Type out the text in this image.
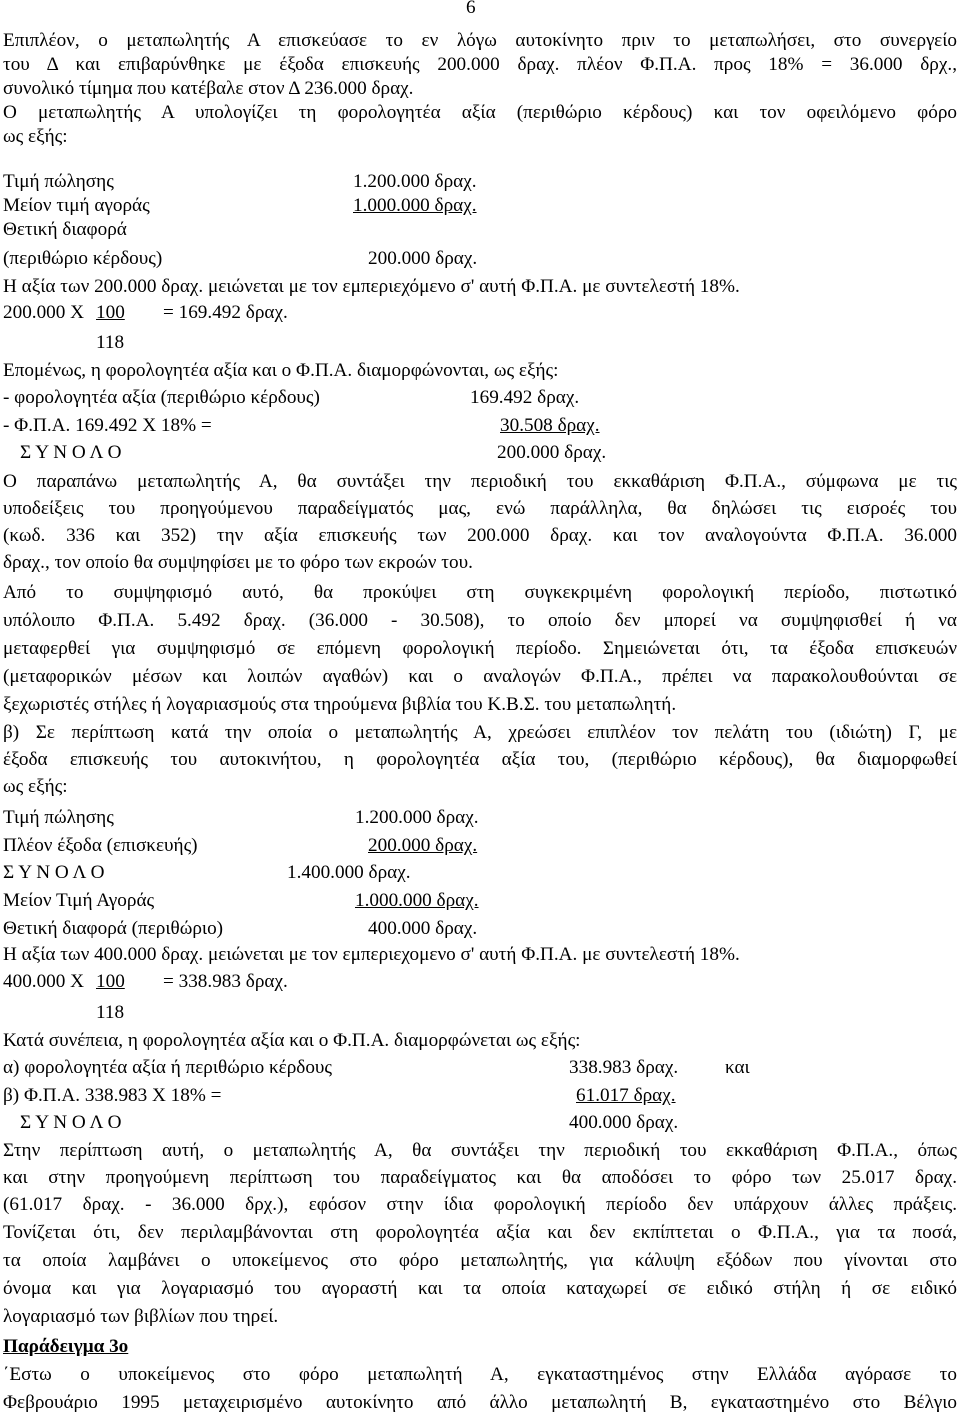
6

Επιπλέον, ο μεταπωλητής Α επισκεύασε το εν λόγω αυτοκίνητο πριν το μεταπωλήσει, στο συνεργείο

του Δ και επιβαρύνθηκε με έξοδα επισκευής 200.000 δραχ. πλέον Φ.Π.Α. προς 18% = 36.000 δρχ.,

συνολικό τίμημα που κατέβαλε στον Δ 236.000 δραχ.

Ο μεταπωλητής Α υπολογίζει τη φορολογητέα αξία (περιθώριο κέρδους) και τον οφειλόμενο φόρο

ως εξής:

Τιμή πώλησης	1.200.000 δραχ.
Μείον τιμή αγοράς	1.000.000 δραχ.
Θετική διαφορά
(περιθώριο κέρδους)	200.000 δραχ.

Η αξία των 200.000 δραχ. μειώνεται με τον εμπεριεχόμενο σ' αυτή Φ.Π.Α. με συντελεστή 18%.

200.000 Χ 100 = 169.492 δραχ.
118

Επομένως, η φορολογητέα αξία και ο Φ.Π.Α. διαμορφώνονται, ως εξής:

- φορολογητέα αξία (περιθώριο κέρδους)	169.492 δραχ.
- Φ.Π.Α. 169.492 Χ 18% =	30.508 δραχ.
Σ Υ Ν Ο Λ Ο	200.000 δραχ.

Ο παραπάνω μεταπωλητής Α, θα συντάξει την περιοδική του εκκαθάριση Φ.Π.Α., σύμφωνα με τις

υποδείξεις του προηγούμενου παραδείγματός μας, ενώ παράλληλα, θα δηλώσει τις εισροές του

(κωδ. 336 και 352) την αξία επισκευής των 200.000 δραχ. και τον αναλογούντα Φ.Π.Α. 36.000

δραχ., τον οποίο θα συμψηφίσει με το φόρο των εκροών του.

Από το συμψηφισμό αυτό, θα προκύψει στη συγκεκριμένη φορολογική περίοδο, πιστωτικό

υπόλοιπο Φ.Π.Α. 5.492 δραχ. (36.000 - 30.508), το οποίο δεν μπορεί να συμψηφισθεί ή να

μεταφερθεί για συμψηφισμό σε επόμενη φορολογική περίοδο. Σημειώνεται ότι, τα έξοδα επισκευών

(μεταφορικών μέσων και λοιπών αγαθών) και ο αναλογών Φ.Π.Α., πρέπει να παρακολουθούνται σε

ξεχωριστές στήλες ή λογαριασμούς στα τηρούμενα βιβλία του Κ.Β.Σ. του μεταπωλητή.

β) Σε περίπτωση κατά την οποία ο μεταπωλητής Α, χρεώσει επιπλέον τον πελάτη του (ιδιώτη) Γ, με

έξοδα επισκευής του αυτοκινήτου, η φορολογητέα αξία του, (περιθώριο κέρδους), θα διαμορφωθεί

ως εξής:

Τιμή πώλησης	1.200.000 δραχ.
Πλέον έξοδα (επισκευής)	200.000 δραχ.
Σ Υ Ν Ο Λ Ο	1.400.000 δραχ.
Μείον Τιμή Αγοράς	1.000.000 δραχ.
Θετική διαφορά (περιθώριο)	400.000 δραχ.

Η αξία των 400.000 δραχ. μειώνεται με τον εμπεριεχομενο σ' αυτή Φ.Π.Α. με συντελεστή 18%.

400.000 Χ 100 = 338.983 δραχ.
118

Κατά συνέπεια, η φορολογητέα αξία και ο Φ.Π.Α. διαμορφώνεται ως εξής:

α) φορολογητέα αξία ή περιθώριο κέρδους	338.983 δραχ. και
β) Φ.Π.Α. 338.983 Χ 18% =	61.017 δραχ.
Σ Υ Ν Ο Λ Ο	400.000 δραχ.

Στην περίπτωση αυτή, ο μεταπωλητής Α, θα συντάξει την περιοδική του εκκαθάριση Φ.Π.Α., όπως

και στην προηγούμενη περίπτωση του παραδείγματος και θα αποδόσει το φόρο των 25.017 δραχ.

(61.017 δραχ. - 36.000 δρχ.), εφόσον στην ίδια φορολογική περίοδο δεν υπάρχουν άλλες πράξεις.

Τονίζεται ότι, δεν περιλαμβάνονται στη φορολογητέα αξία και δεν εκπίπτεται ο Φ.Π.Α., για τα ποσά,

τα οποία λαμβάνει ο υποκείμενος στο φόρο μεταπωλητής, για κάλυψη εξόδων που γίνονται στο

όνομα και για λογαριασμό του αγοραστή και τα οποία καταχωρεί σε ειδικό στήλη ή σε ειδικό

λογαριασμό των βιβλίων που τηρεί.

Παράδειγμα 3ο

΄Εστω ο υποκείμενος στο φόρο μεταπωλητή Α, εγκαταστημένος στην Ελλάδα αγόρασε το

Φεβρουάριο 1995 μεταχειρισμένο αυτοκίνητο από άλλο μεταπωλητή Β, εγκαταστημένο στο Βέλγιο
